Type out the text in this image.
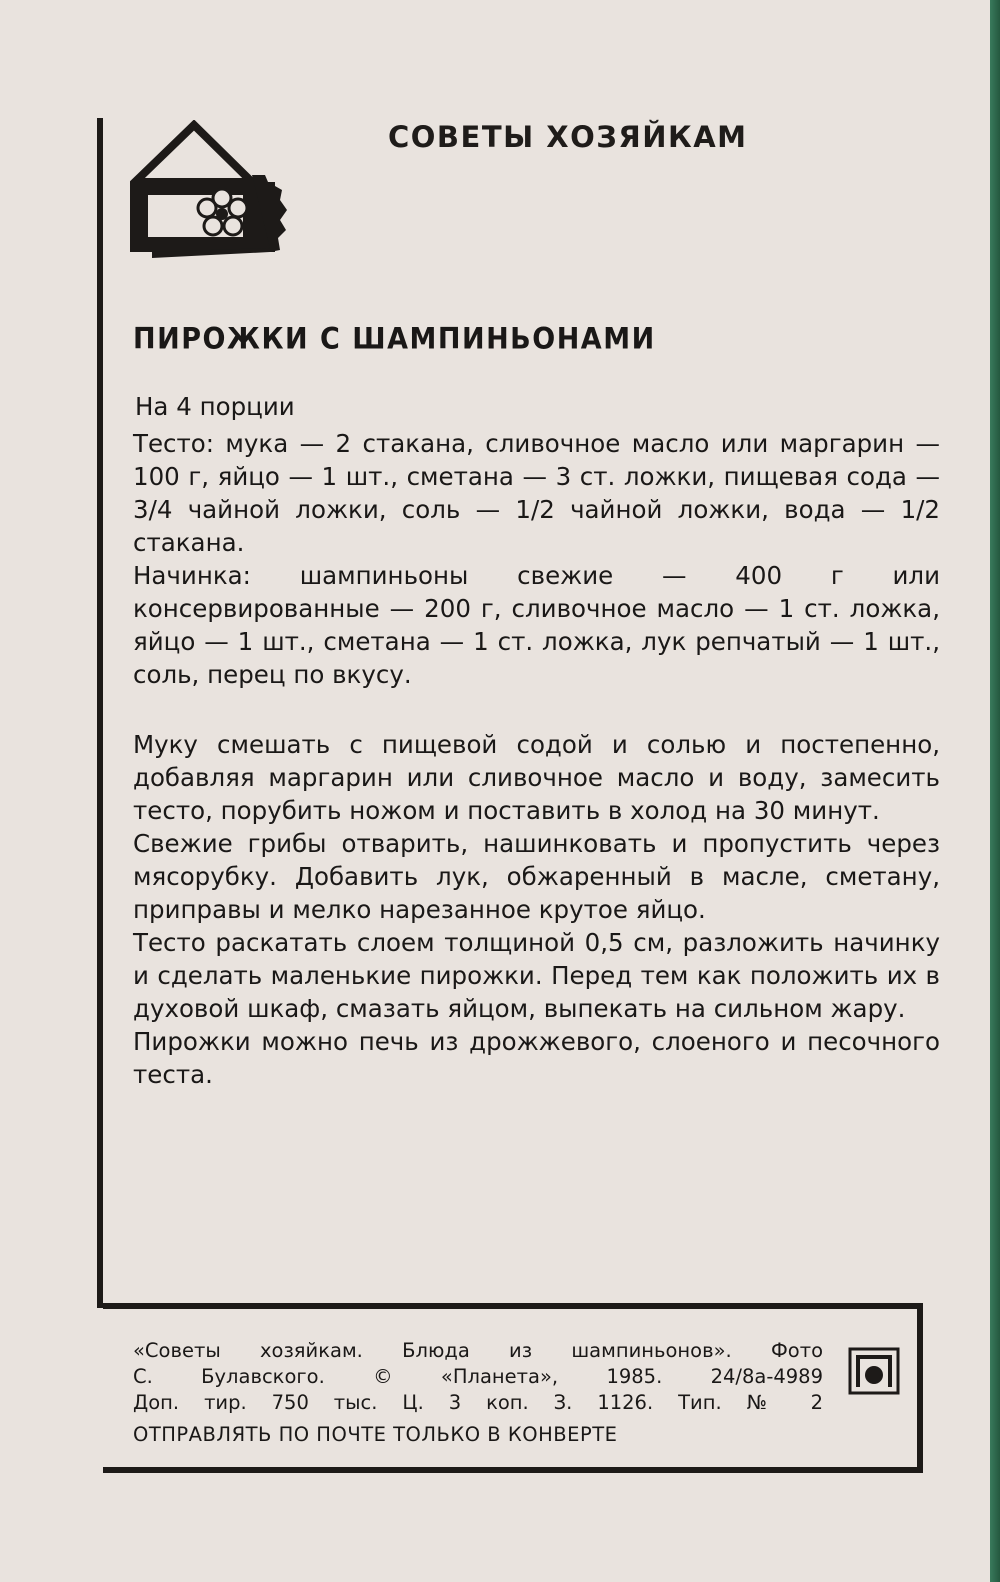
СОВЕТЫ ХОЗЯЙКАМ
ПИРОЖКИ С ШАМПИНЬОНАМИ
На 4 порции

Тесто: мука — 2 стакана, сливочное масло или маргарин — 100 г, яйцо — 1 шт., сметана — 3 ст. ложки, пищевая сода — 3/4 чайной ложки, соль — 1/2 чайной ложки, вода — 1/2 стакана.

Начинка: шампиньоны свежие — 400 г или консервированные — 200 г, сливочное масло — 1 ст. ложка, яйцо — 1 шт., сметана — 1 ст. ложка, лук репчатый — 1 шт., соль, перец по вкусу.

Муку смешать с пищевой содой и солью и постепенно, добавляя маргарин или сливочное масло и воду, замесить тесто, порубить ножом и поставить в холод на 30 минут.

Свежие грибы отварить, нашинковать и пропустить через мясорубку. Добавить лук, обжаренный в масле, сметану, приправы и мелко нарезанное крутое яйцо.

Тесто раскатать слоем толщиной 0,5 см, разложить начинку и сделать маленькие пирожки. Перед тем как положить их в духовой шкаф, смазать яйцом, выпекать на сильном жару.

Пирожки можно печь из дрожжевого, слоеного и песочного теста.

«Советы хозяйкам. Блюда из шампиньонов». Фото
С. Булавского. © «Планета», 1985. 24/8а-4989
Доп. тир. 750 тыс. Ц. 3 коп. З. 1126. Тип. № 2
ОТПРАВЛЯТЬ ПО ПОЧТЕ ТОЛЬКО В КОНВЕРТЕ
